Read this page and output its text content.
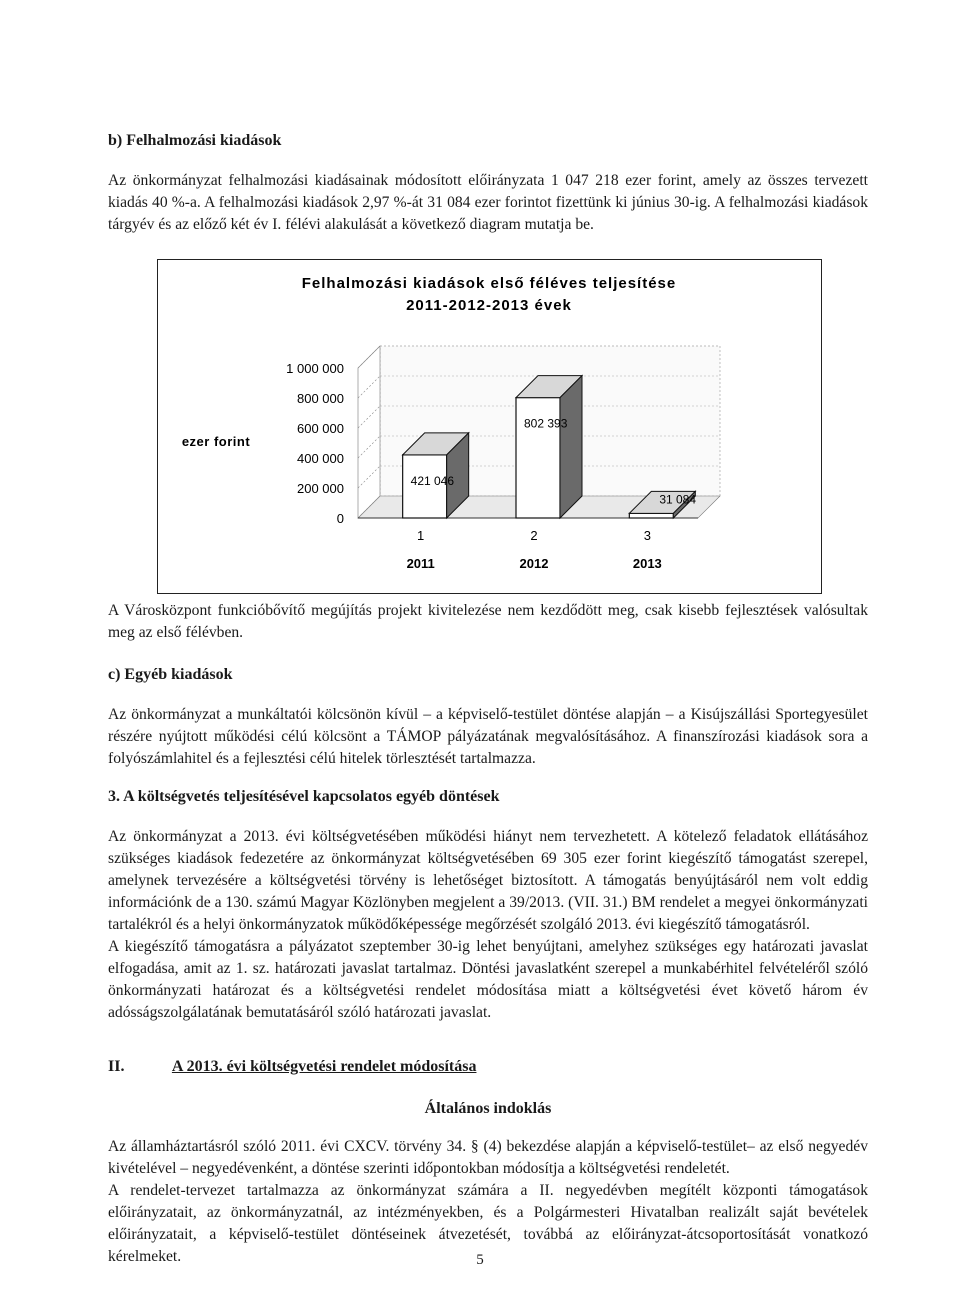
b) Felhalmozási kiadások

Az önkormányzat felhalmozási kiadásainak módosított előirányzata 1 047 218 ezer forint, amely az összes tervezett kiadás 40 %-a. A felhalmozási kiadások 2,97 %-át 31 084 ezer forintot fizettünk ki június 30-ig. A felhalmozási kiadások tárgyév és az előző két év I. félévi alakulását a következő diagram mutatja be.

Felhalmozási kiadások első féléves teljesítése
2011-2012-2013 évek
ezer forint
0
200 000
400 000
600 000
800 000
1 000 000
421 046
1
2011
802 393
2
2012
31 084
3
2013

A Városközpont funkcióbővítő megújítás projekt kivitelezése nem kezdődött meg, csak kisebb fejlesztések valósultak meg az első félévben.

c) Egyéb kiadások

Az önkormányzat a munkáltatói kölcsönön kívül – a képviselő-testület döntése alapján – a Kisújszállási Sportegyesület részére nyújtott működési célú kölcsönt a TÁMOP pályázatának megvalósításához. A finanszírozási kiadások sora a folyószámlahitel és a fejlesztési célú hitelek törlesztését tartalmazza.

3. A költségvetés teljesítésével kapcsolatos egyéb döntések

Az önkormányzat a 2013. évi költségvetésében működési hiányt nem tervezhetett. A kötelező feladatok ellátásához szükséges kiadások fedezetére az önkormányzat költségvetésében 69 305 ezer forint kiegészítő támogatást szerepel, amelynek tervezésére a költségvetési törvény is lehetőséget biztosított. A támogatás benyújtásáról nem volt eddig információnk de a 130. számú Magyar Közlönyben megjelent a 39/2013. (VII. 31.) BM rendelet a megyei önkormányzati tartalékról és a helyi önkormányzatok működőképessége megőrzését szolgáló 2013. évi kiegészítő támogatásról.

A kiegészítő támogatásra a pályázatot szeptember 30-ig lehet benyújtani, amelyhez szükséges egy határozati javaslat elfogadása, amit az 1. sz. határozati javaslat tartalmaz. Döntési javaslatként szerepel a munkabérhitel felvételéről szóló önkormányzati határozat és a költségvetési rendelet módosítása miatt a költségvetési évet követő három év adósságszolgálatának bemutatásáról szóló határozati javaslat.

II.	A 2013. évi költségvetési rendelet módosítása
Általános indoklás

Az államháztartásról szóló 2011. évi CXCV. törvény 34. § (4) bekezdése alapján a képviselő-testület– az első negyedév kivételével – negyedévenként, a döntése szerinti időpontokban módosítja a költségvetési rendeletét.

A rendelet-tervezet tartalmazza az önkormányzat számára a II. negyedévben megítélt központi támogatások előirányzatait, az önkormányzatnál, az intézményekben, és a Polgármesteri Hivatalban realizált saját bevételek előirányzatait, a képviselő-testület döntéseinek átvezetését, továbbá az előirányzat-átcsoportosítását vonatkozó kérelmeket.	5
